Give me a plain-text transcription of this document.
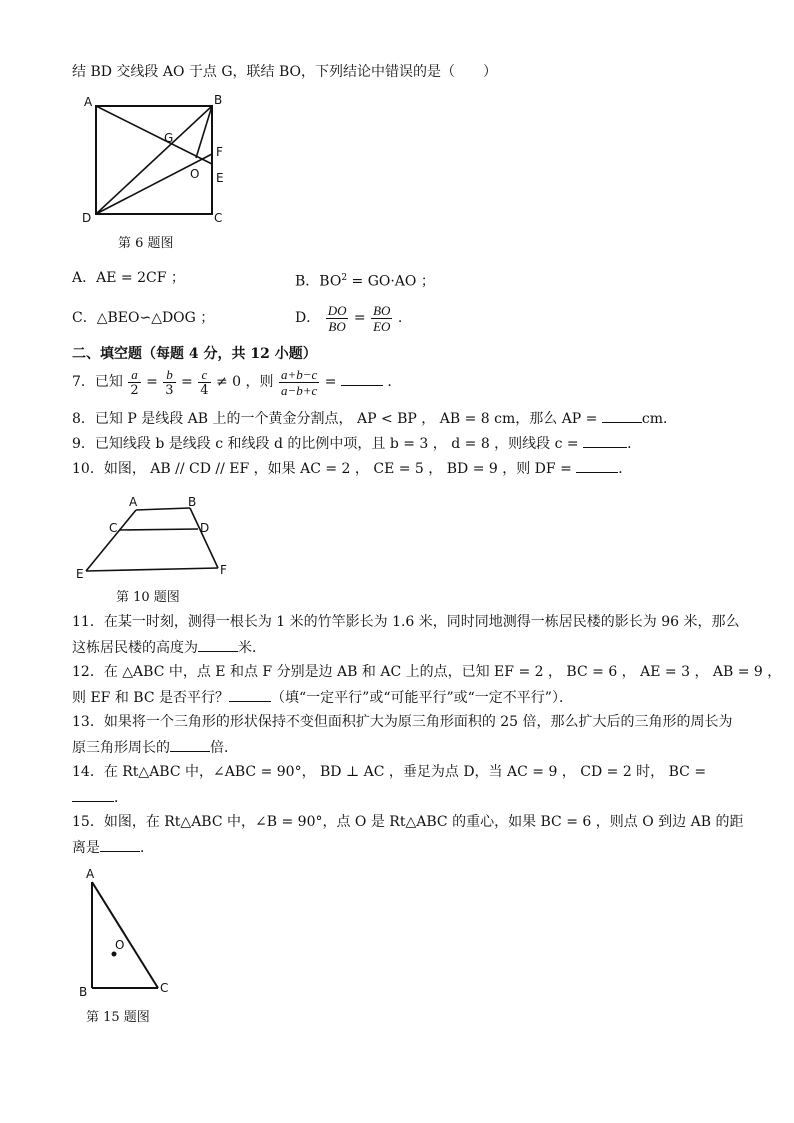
结 BD 交线段 AO 于点 G，联结 BO，下列结论中错误的是（　　）
A	B
C
D
E
F
G
O
第 6 题图
A．AE = 2CF ；	B．$BO^2 = GO\cdot AO$ ；
C．△BEO∽△DOG ；	D． $\frac{DO}{BO} = \frac{BO}{EO}$ .
二、填空题（每题 4 分，共 12 小题）
7．已知 $\frac{a}{2} = \frac{b}{3} = \frac{c}{4} \ne 0$ ，则 $\frac{a+b-c}{a-b+c}$ =	．
8．已知 P 是线段 AB 上的一个黄金分割点， AP < BP ， AB = 8 cm，那么 AP =	cm．
9．已知线段 b 是线段 c 和线段 d 的比例中项，且 b = 3 ， d = 8 ，则线段 c =	．
10．如图， AB // CD // EF ，如果 AC = 2 ， CE = 5 ， BD = 9 ，则 DF =	．
A	B
C	D
E	F
第 10 题图
11．在某一时刻，测得一根长为 1 米的竹竿影长为 1.6 米，同时同地测得一栋居民楼的影长为 96 米，那么
这栋居民楼的高度为	米．
12．在 △ABC 中，点 E 和点 F 分别是边 AB 和 AC 上的点，已知 EF = 2 ， BC = 6 ， AE = 3 ， AB = 9 ，
则 EF 和 BC 是否平行？	（填“一定平行”或“可能平行”或“一定不平行”）．
13．如果将一个三角形的形状保持不变但面积扩大为原三角形面积的 25 倍，那么扩大后的三角形的周长为
原三角形周长的	倍．
14．在 Rt△ABC 中，∠ABC = 90°， BD ⊥ AC ，垂足为点 D，当 AC = 9 ， CD = 2 时， BC =
．
15．如图，在 Rt△ABC 中，∠B = 90°，点 O 是 Rt△ABC 的重心，如果 BC = 6 ，则点 O 到边 AB 的距
离是	．
A
B	C
O
第 15 题图
